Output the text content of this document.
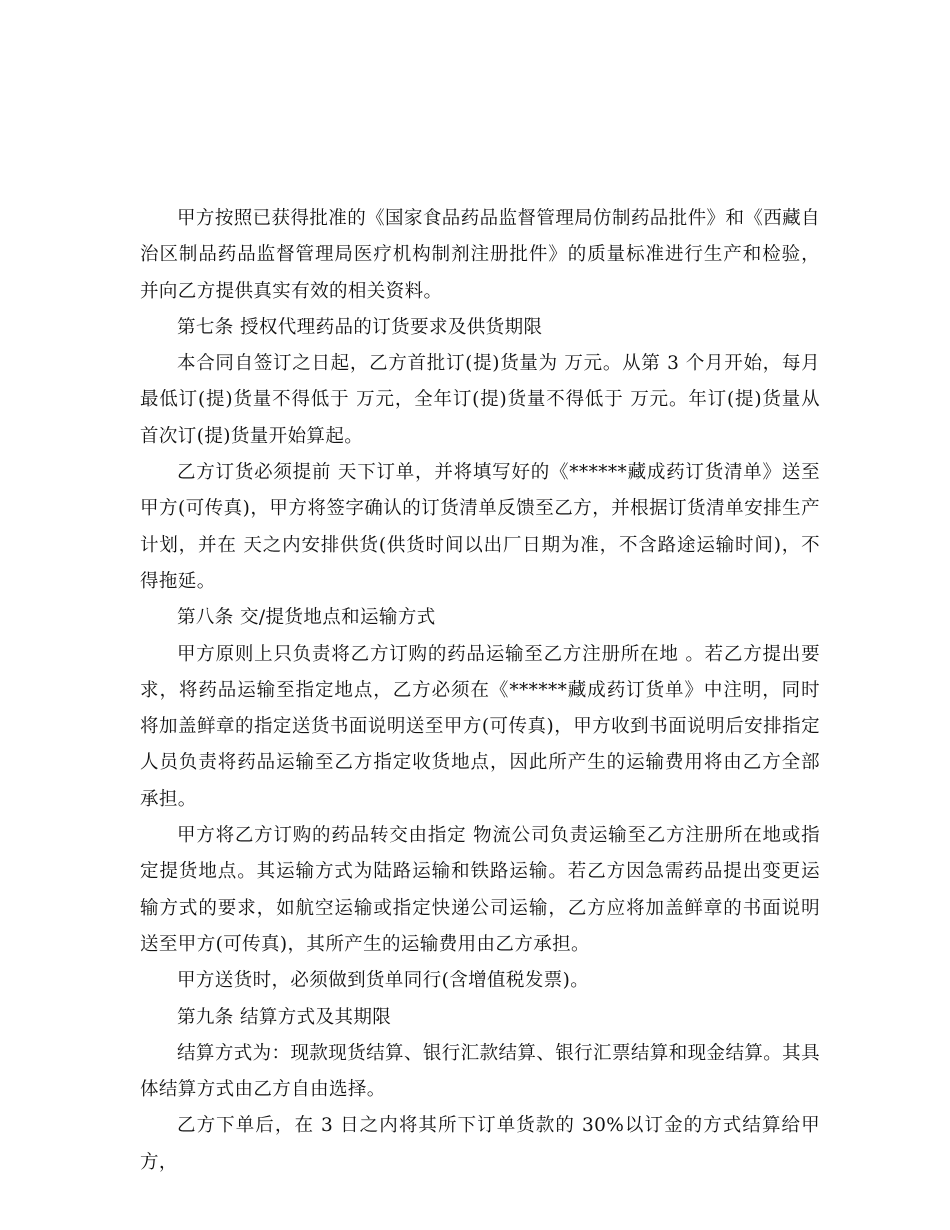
甲方按照已获得批准的《国家食品药品监督管理局仿制药品批件》和《西藏自治区制品药品监督管理局医疗机构制剂注册批件》的质量标准进行生产和检验，并向乙方提供真实有效的相关资料。

第七条 授权代理药品的订货要求及供货期限

本合同自签订之日起，乙方首批订(提)货量为 万元。从第 3 个月开始，每月最低订(提)货量不得低于 万元，全年订(提)货量不得低于 万元。年订(提)货量从首次订(提)货量开始算起。

乙方订货必须提前 天下订单，并将填写好的《******藏成药订货清单》送至甲方(可传真)，甲方将签字确认的订货清单反馈至乙方，并根据订货清单安排生产计划，并在 天之内安排供货(供货时间以出厂日期为准，不含路途运输时间)，不得拖延。

第八条 交/提货地点和运输方式

甲方原则上只负责将乙方订购的药品运输至乙方注册所在地 。若乙方提出要求，将药品运输至指定地点，乙方必须在《******藏成药订货单》中注明，同时将加盖鲜章的指定送货书面说明送至甲方(可传真)，甲方收到书面说明后安排指定人员负责将药品运输至乙方指定收货地点，因此所产生的运输费用将由乙方全部承担。

甲方将乙方订购的药品转交由指定 物流公司负责运输至乙方注册所在地或指定提货地点。其运输方式为陆路运输和铁路运输。若乙方因急需药品提出变更运输方式的要求，如航空运输或指定快递公司运输，乙方应将加盖鲜章的书面说明送至甲方(可传真)，其所产生的运输费用由乙方承担。

甲方送货时，必须做到货单同行(含增值税发票)。

第九条 结算方式及其期限

结算方式为：现款现货结算、银行汇款结算、银行汇票结算和现金结算。其具体结算方式由乙方自由选择。

乙方下单后，在 3 日之内将其所下订单货款的 30%以订金的方式结算给甲方，
